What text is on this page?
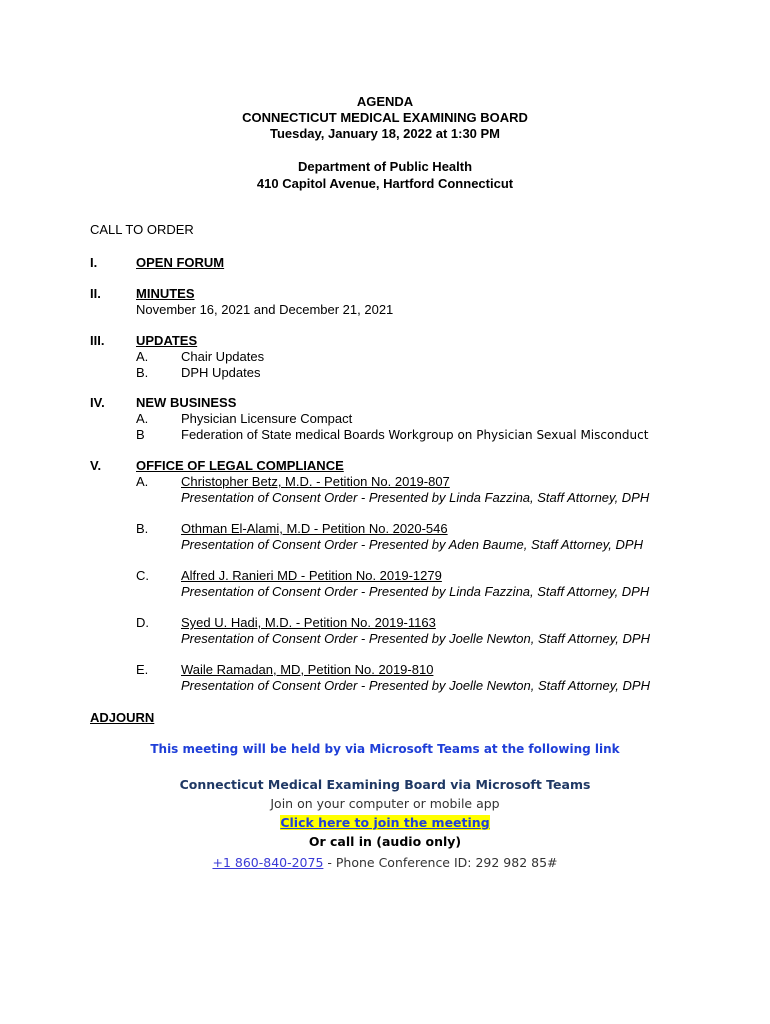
AGENDA
CONNECTICUT MEDICAL EXAMINING BOARD
Tuesday, January 18, 2022 at 1:30 PM
Department of Public Health
410 Capitol Avenue, Hartford Connecticut
CALL TO ORDER
I.	OPEN FORUM
II.	MINUTES
November 16, 2021 and December 21, 2021
III. UPDATES
A.	Chair Updates
B.	DPH Updates
IV. NEW BUSINESS
A.	Physician Licensure Compact
B	Federation of State medical Boards Workgroup on Physician Sexual Misconduct
V.	OFFICE OF LEGAL COMPLIANCE
A.	Christopher Betz, M.D. - Petition No. 2019-807
Presentation of Consent Order - Presented by Linda Fazzina, Staff Attorney, DPH
B.	Othman El-Alami, M.D - Petition No. 2020-546
Presentation of Consent Order - Presented by Aden Baume, Staff Attorney, DPH
C. Alfred J. Ranieri MD - Petition No. 2019-1279
Presentation of Consent Order - Presented by Linda Fazzina, Staff Attorney, DPH
D. Syed U. Hadi, M.D. - Petition No. 2019-1163
Presentation of Consent Order - Presented by Joelle Newton, Staff Attorney, DPH
E.	Waile Ramadan, MD, Petition No. 2019-810
Presentation of Consent Order - Presented by Joelle Newton, Staff Attorney, DPH
ADJOURN
This meeting will be held by via Microsoft Teams at the following link
Connecticut Medical Examining Board via Microsoft Teams
Join on your computer or mobile app
Click here to join the meeting
Or call in (audio only)
+1 860-840-2075 - Phone Conference ID: 292 982 85#
